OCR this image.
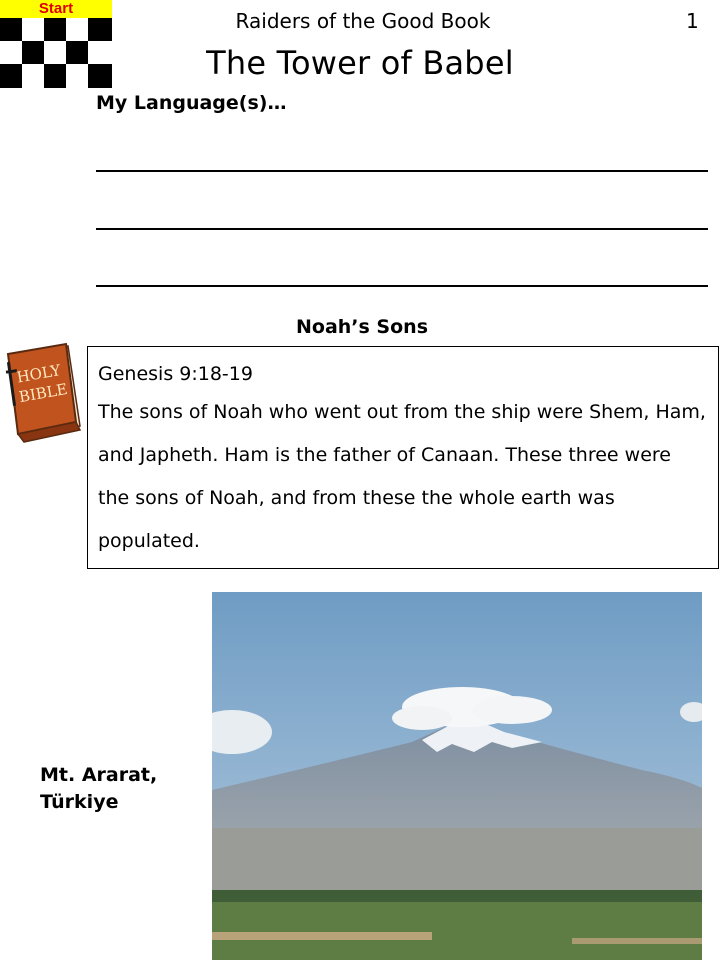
Start
Raiders of the Good Book	1
The Tower of Babel
My Language(s)…
Noah’s Sons
HOLY
BIBLE
Genesis 9:18-19
The sons of Noah who went out from the ship were Shem, Ham, and Japheth. Ham is the father of Canaan. These three were the sons of Noah, and from these the whole earth was populated.
Mt. Ararat,
Türkiye
